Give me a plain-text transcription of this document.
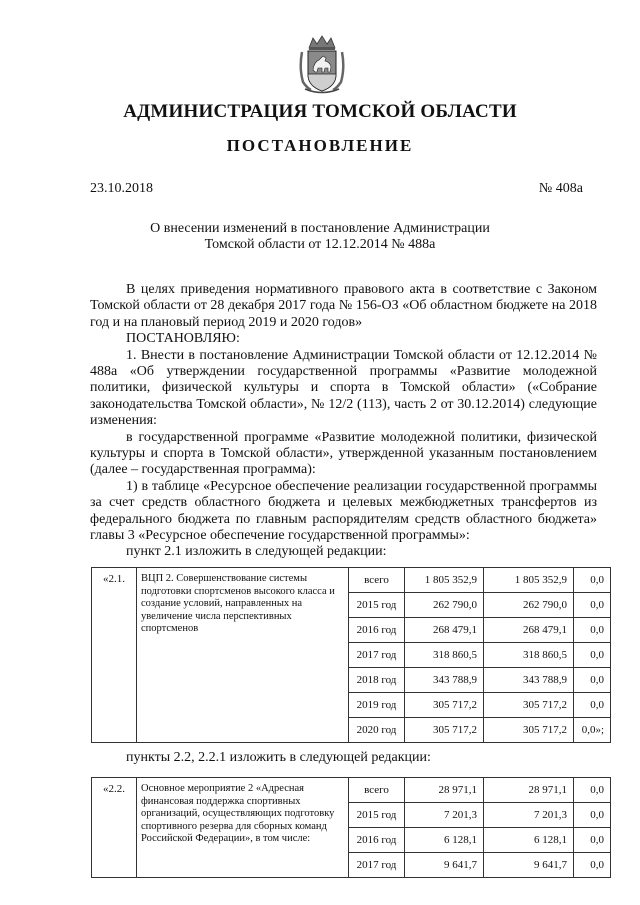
АДМИНИСТРАЦИЯ ТОМСКОЙ ОБЛАСТИ
ПОСТАНОВЛЕНИЕ
23.10.2018	№ 408а
О внесении изменений в постановление Администрации
Томской области от 12.12.2014 № 488а

В целях приведения нормативного правового акта в соответствие с Законом Томской области от 28 декабря 2017 года № 156-ОЗ «Об областном бюджете на 2018 год и на плановый период 2019 и 2020 годов»

ПОСТАНОВЛЯЮ:

1. Внести в постановление Администрации Томской области от 12.12.2014 № 488а «Об утверждении государственной программы «Развитие молодежной политики, физической культуры и спорта в Томской области» («Собрание законодательства Томской области», № 12/2 (113), часть 2 от 30.12.2014) следующие изменения:

в государственной программе «Развитие молодежной политики, физической культуры и спорта в Томской области», утвержденной указанным постановлением (далее – государственная программа):

1) в таблице «Ресурсное обеспечение реализации государственной программы за счет средств областного бюджета и целевых межбюджетных трансфертов из федерального бюджета по главным распорядителям средств областного бюджета» главы 3 «Ресурсное обеспечение государственной программы»:

пункт 2.1 изложить в следующей редакции:
«2.1.	ВЦП 2. Совершенствование системы подготовки спортсменов высокого класса и создание условий, направленных на увеличение числа перспективных спортсменов	всего	1 805 352,9	1 805 352,9	0,0
		2015 год	262 790,0	262 790,0	0,0
		2016 год	268 479,1	268 479,1	0,0
		2017 год	318 860,5	318 860,5	0,0
		2018 год	343 788,9	343 788,9	0,0
		2019 год	305 717,2	305 717,2	0,0
		2020 год	305 717,2	305 717,2	0,0»;
пункты 2.2, 2.2.1 изложить в следующей редакции:
«2.2.	Основное мероприятие 2 «Адресная финансовая поддержка спортивных организаций, осуществляющих подготовку спортивного резерва для сборных команд Российской Федерации», в том числе:	всего	28 971,1	28 971,1	0,0
		2015 год	7 201,3	7 201,3	0,0
		2016 год	6 128,1	6 128,1	0,0
		2017 год	9 641,7	9 641,7	0,0
